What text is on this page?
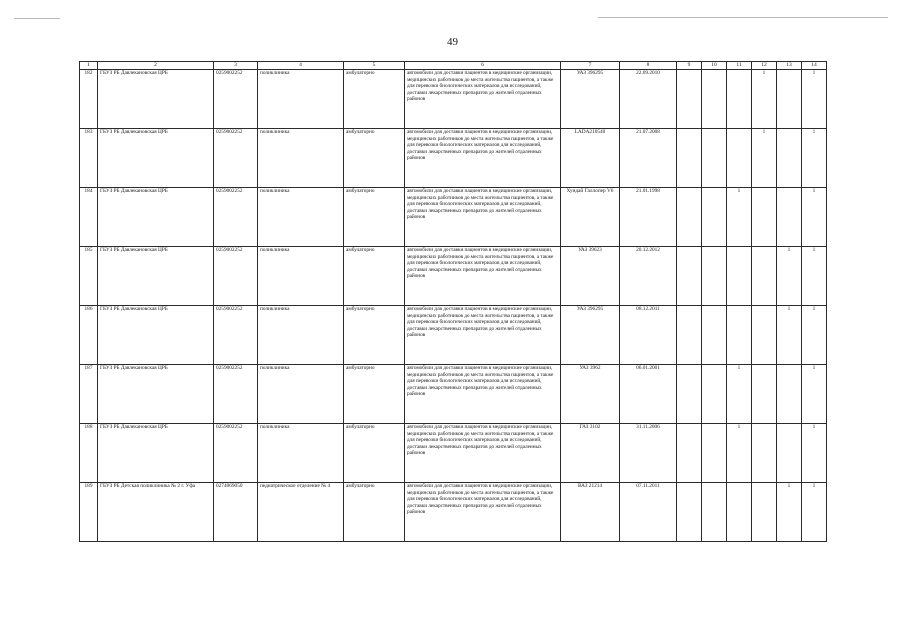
49
1	2	3	4	5	6	7	8	9	10	11	12	13	14
182	ГБУЗ РБ Давлекановская ЦРБ	0259002252	поликлиника	амбулаторно	автомобили для доставки пациентов в медицинские организации, медицинских работников до места жительства пациентов, а также для перевозки биологических материалов для исследований, доставки лекарственных препаратов до жителей отдаленных районов	УАЗ 396295	22.09.2010				1		1
183	ГБУЗ РБ Давлекановская ЦРБ	0259002252	поликлиника	амбулаторно	автомобили для доставки пациентов в медицинские организации, медицинских работников до места жительства пациентов, а также для перевозки биологических материалов для исследований, доставки лекарственных препаратов до жителей отдаленных районов	LADA210540	21.07.2008				1		1
184	ГБУЗ РБ Давлекановская ЦРБ	0259002252	поликлиника	амбулаторно	автомобили для доставки пациентов в медицинские организации, медицинских работников до места жительства пациентов, а также для перевозки биологических материалов для исследований, доставки лекарственных препаратов до жителей отдаленных районов	Хундай Галлопер V6	21.01.1998			1			1
185	ГБУЗ РБ Давлекановская ЦРБ	0259002252	поликлиника	амбулаторно	автомобили для доставки пациентов в медицинские организации, медицинских работников до места жительства пациентов, а также для перевозки биологических материалов для исследований, доставки лекарственных препаратов до жителей отдаленных районов	УАЗ 39623	20.12.2012					1	1
186	ГБУЗ РБ Давлекановская ЦРБ	0259002252	поликлиника	амбулаторно	автомобили для доставки пациентов в медицинские организации, медицинских работников до места жительства пациентов, а также для перевозки биологических материалов для исследований, доставки лекарственных препаратов до жителей отдаленных районов	УАЗ 396295	08.12.2011					1	1
187	ГБУЗ РБ Давлекановская ЦРБ	0259002252	поликлиника	амбулаторно	автомобили для доставки пациентов в медицинские организации, медицинских работников до места жительства пациентов, а также для перевозки биологических материалов для исследований, доставки лекарственных препаратов до жителей отдаленных районов	УАЗ 3962	06.01.2001			1			1
188	ГБУЗ РБ Давлекановская ЦРБ	0259002252	поликлиника	амбулаторно	автомобили для доставки пациентов в медицинские организации, медицинских работников до места жительства пациентов, а также для перевозки биологических материалов для исследований, доставки лекарственных препаратов до жителей отдаленных районов	ГАЗ 3102	31.11.2006			1			1
189	ГБУЗ РБ Детская поликлиника № 2 г. Уфа	0274069050	педиатрическое отделение № 4	амбулаторно	автомобили для доставки пациентов в медицинские организации, медицинских работников до места жительства пациентов, а также для перевозки биологических материалов для исследований, доставки лекарственных препаратов до жителей отдаленных районов	ВАЗ 21214	07.11.2011					1	1
